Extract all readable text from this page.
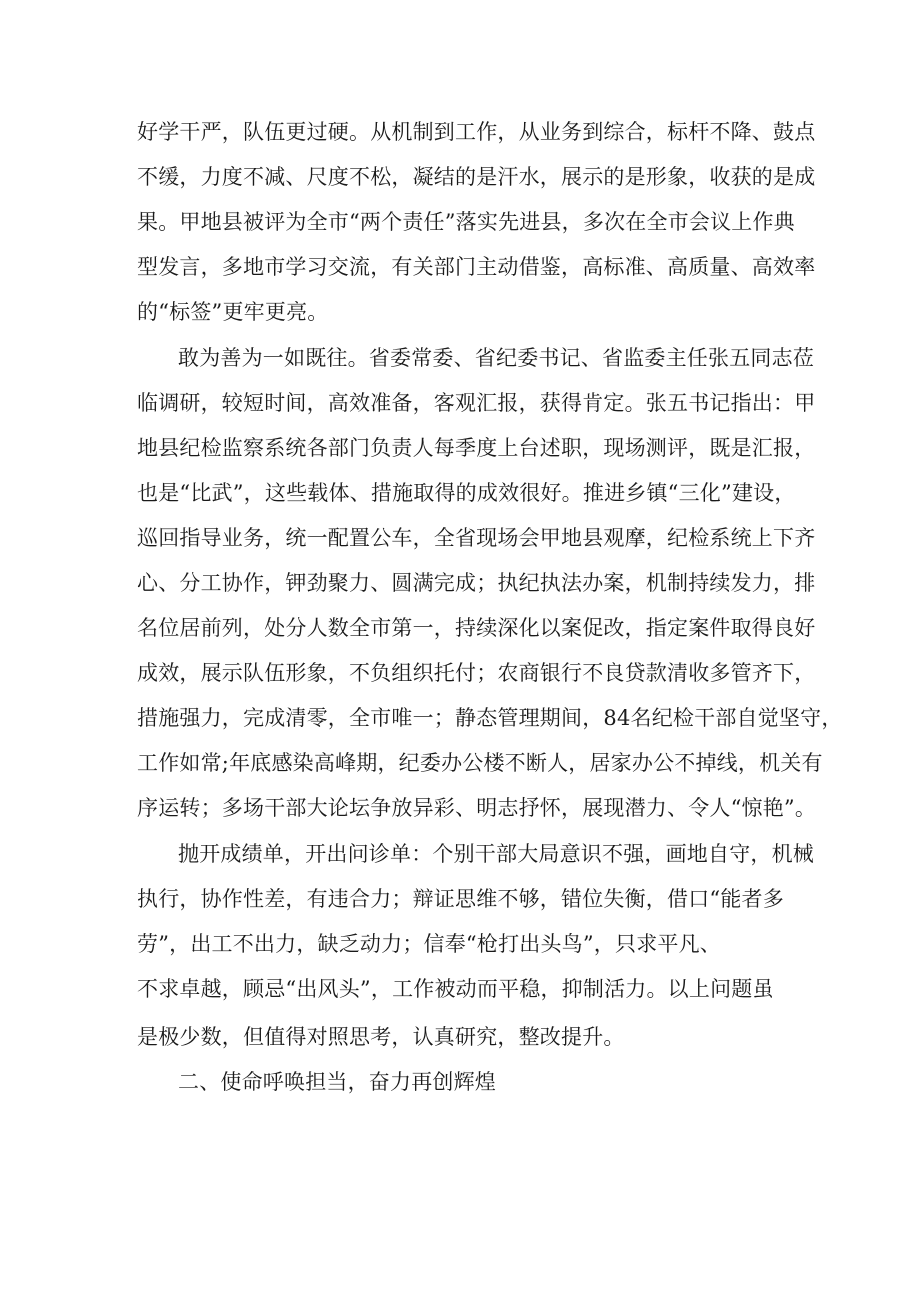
好学干严，队伍更过硬。从机制到工作，从业务到综合，标杆不降、鼓点

不缓，力度不减、尺度不松，凝结的是汗水，展示的是形象，收获的是成

果。甲地县被评为全市“两个责任”落实先进县，多次在全市会议上作典

型发言，多地市学习交流，有关部门主动借鉴，高标准、高质量、高效率

的“标签”更牢更亮。

敢为善为一如既往。省委常委、省纪委书记、省监委主任张五同志莅

临调研，较短时间，高效准备，客观汇报，获得肯定。张五书记指出：甲

地县纪检监察系统各部门负责人每季度上台述职，现场测评，既是汇报，

也是“比武”，这些载体、措施取得的成效很好。推进乡镇“三化”建设，

巡回指导业务，统一配置公车，全省现场会甲地县观摩，纪检系统上下齐

心、分工协作，钾劲聚力、圆满完成；执纪执法办案，机制持续发力，排

名位居前列，处分人数全市第一，持续深化以案促改，指定案件取得良好

成效，展示队伍形象，不负组织托付；农商银行不良贷款清收多管齐下，

措施强力，完成清零，全市唯一；静态管理期间，84名纪检干部自觉坚守，

工作如常;年底感染高峰期，纪委办公楼不断人，居家办公不掉线，机关有

序运转；多场干部大论坛争放异彩、明志抒怀，展现潜力、令人“惊艳”。

抛开成绩单，开出问诊单：个别干部大局意识不强，画地自守，机械

执行，协作性差，有违合力；辩证思维不够，错位失衡，借口“能者多

劳”，出工不出力，缺乏动力；信奉“枪打出头鸟”，只求平凡、

不求卓越，顾忌“出风头”，工作被动而平稳，抑制活力。以上问题虽

是极少数，但值得对照思考，认真研究，整改提升。

二、使命呼唤担当，奋力再创辉煌
